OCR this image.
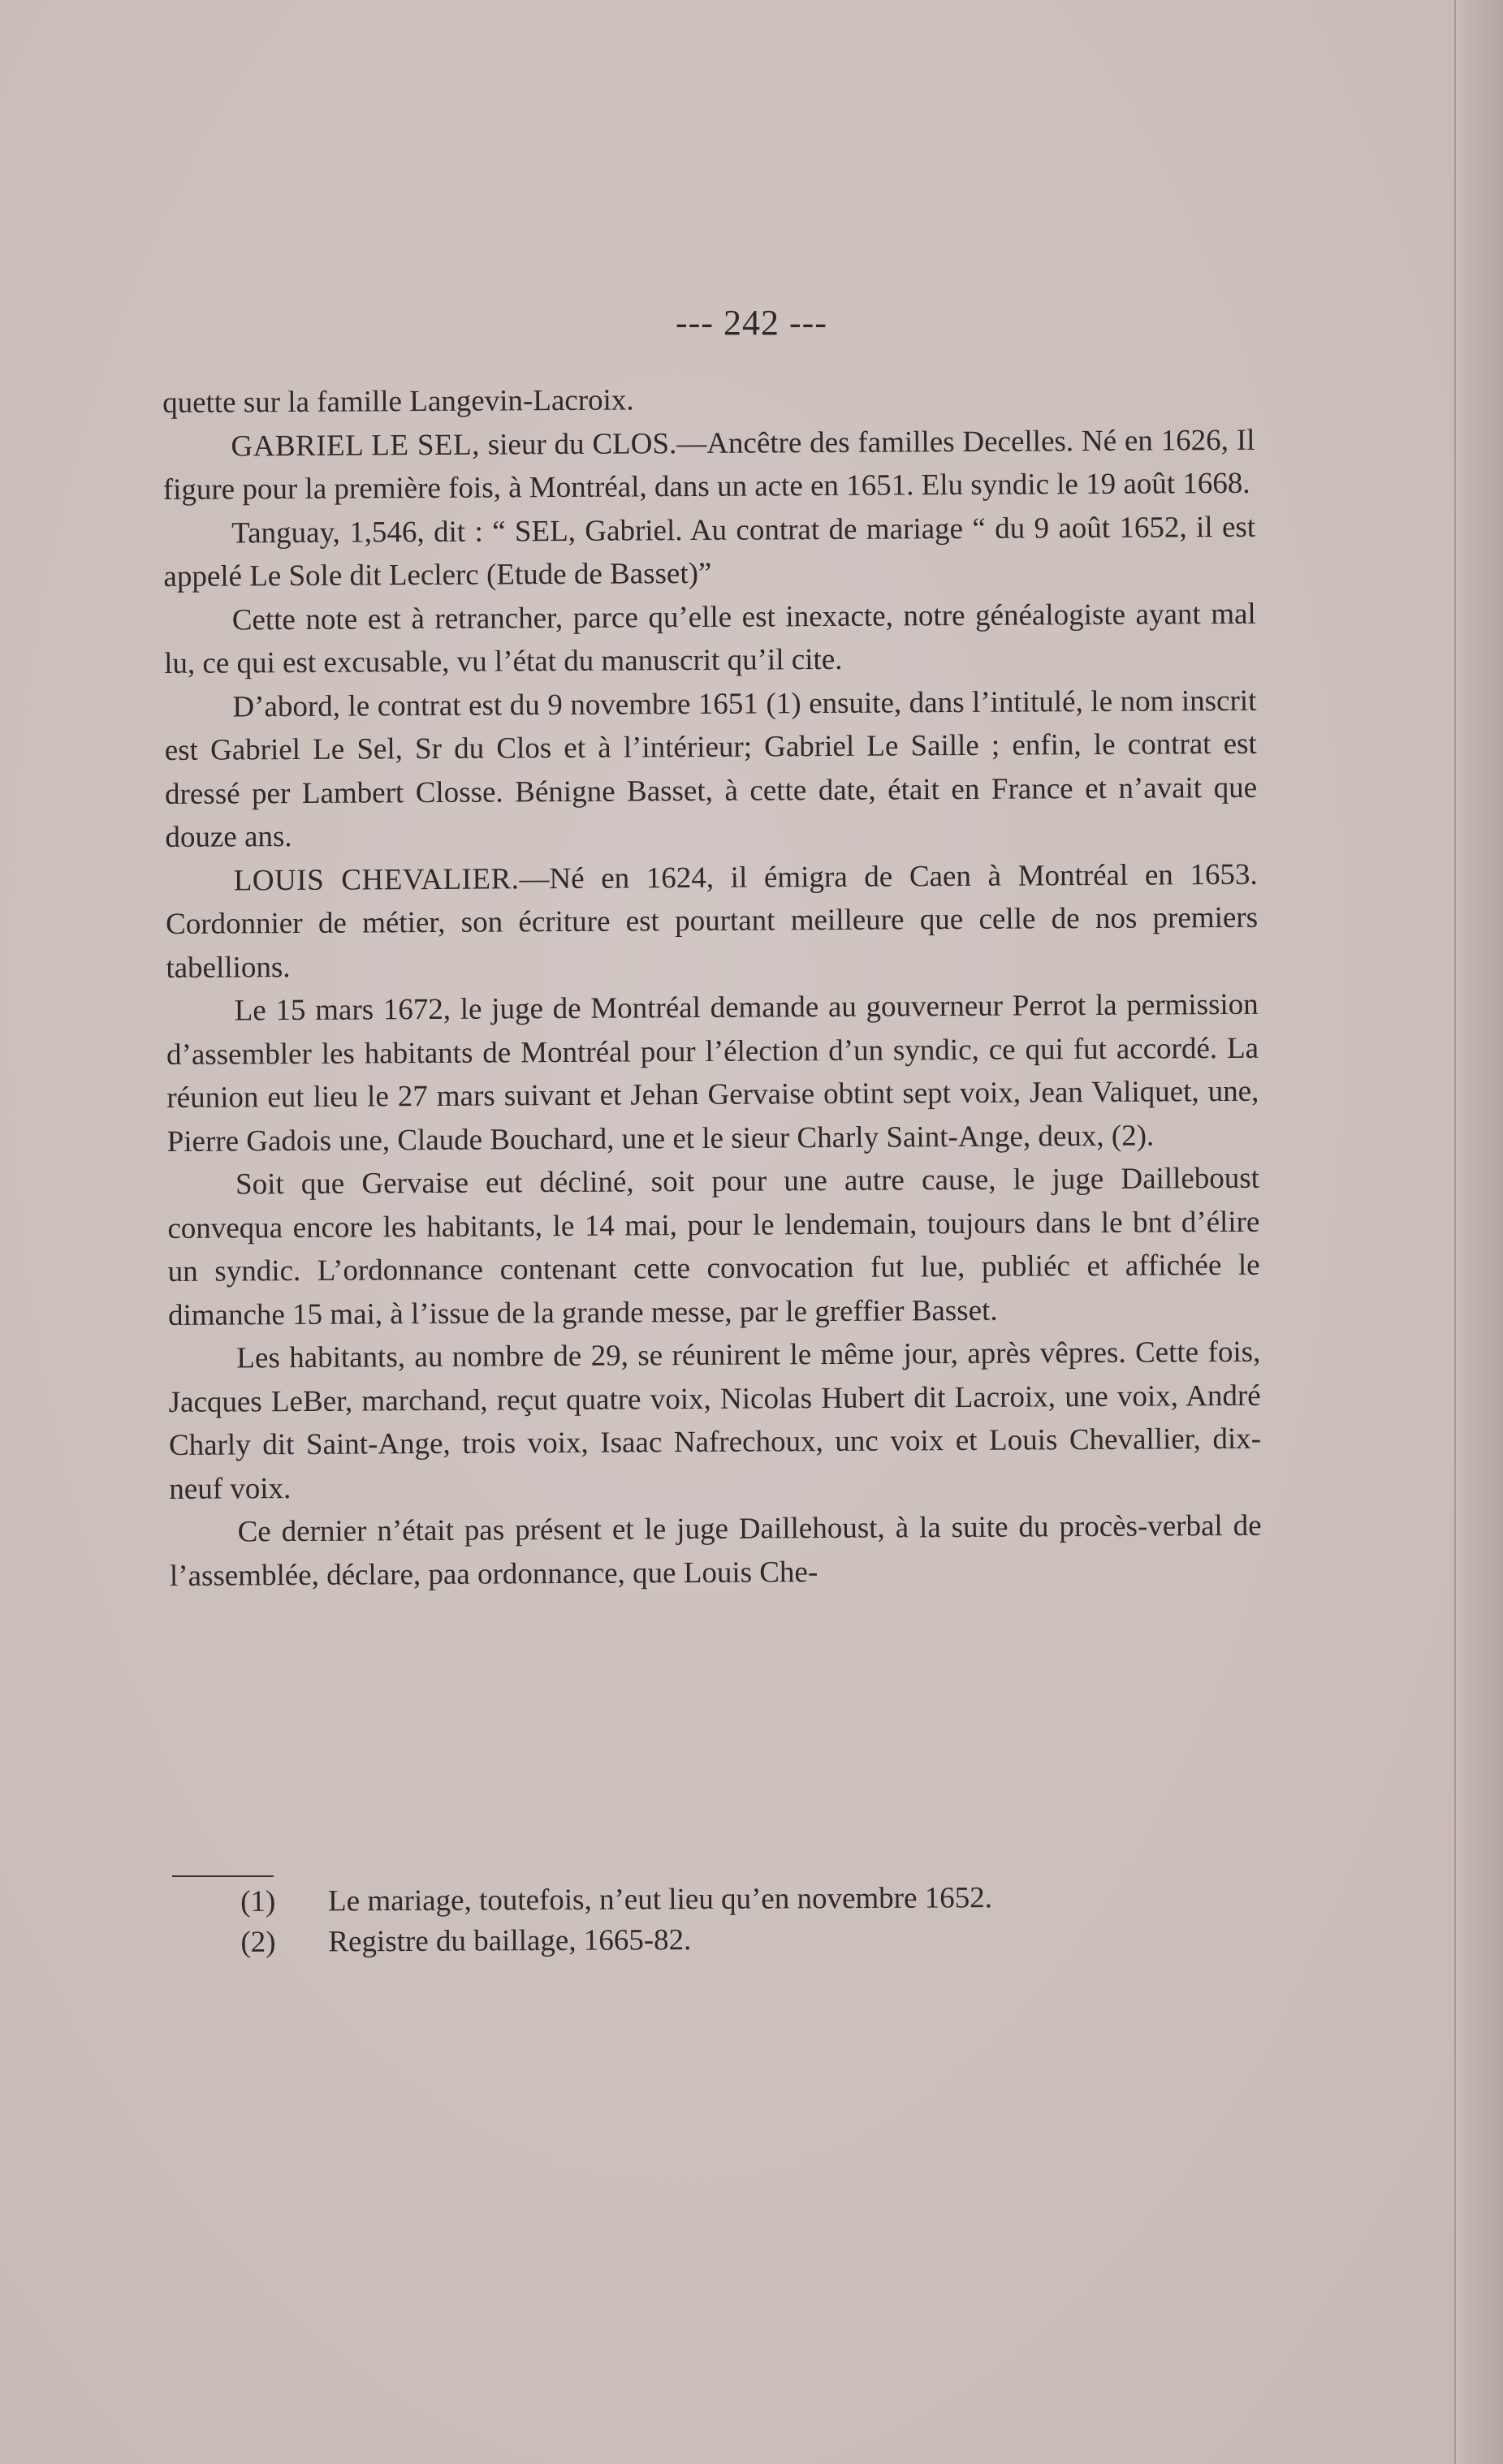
--- 242 ---

quette sur la famille Langevin-Lacroix.

GABRIEL LE SEL, sieur du CLOS.—Ancêtre des familles Decelles. Né en 1626, Il figure pour la première fois, à Montréal, dans un acte en 1651. Elu syndic le 19 août 1668.

Tanguay, 1,546, dit : “ SEL, Gabriel. Au contrat de mariage “ du 9 août 1652, il est appelé Le Sole dit Leclerc (Etude de Basset)”

Cette note est à retrancher, parce qu’elle est inexacte, notre généalogiste ayant mal lu, ce qui est excusable, vu l’état du manuscrit qu’il cite.

D’abord, le contrat est du 9 novembre 1651 (1) ensuite, dans l’intitulé, le nom inscrit est Gabriel Le Sel, Sr du Clos et à l’intérieur; Gabriel Le Saille ; enfin, le contrat est dressé per Lambert Closse. Bénigne Basset, à cette date, était en France et n’avait que douze ans.

LOUIS CHEVALIER.—Né en 1624, il émigra de Caen à Montréal en 1653. Cordonnier de métier, son écriture est pourtant meilleure que celle de nos premiers tabellions.

Le 15 mars 1672, le juge de Montréal demande au gouverneur Perrot la permission d’assembler les habitants de Montréal pour l’élection d’un syndic, ce qui fut accordé. La réunion eut lieu le 27 mars suivant et Jehan Gervaise obtint sept voix, Jean Valiquet, une, Pierre Gadois une, Claude Bouchard, une et le sieur Charly Saint-Ange, deux, (2).

Soit que Gervaise eut décliné, soit pour une autre cause, le juge Dailleboust convequa encore les habitants, le 14 mai, pour le lendemain, toujours dans le bnt d’élire un syndic. L’ordonnance contenant cette convocation fut lue, publiéc et affichée le dimanche 15 mai, à l’issue de la grande messe, par le greffier Basset.

Les habitants, au nombre de 29, se réunirent le même jour, après vêpres. Cette fois, Jacques LeBer, marchand, reçut quatre voix, Nicolas Hubert dit Lacroix, une voix, André Charly dit Saint-Ange, trois voix, Isaac Nafrechoux, unc voix et Louis Chevallier, dix-neuf voix.

Ce dernier n’était pas présent et le juge Daillehoust, à la suite du procès-verbal de l’assemblée, déclare, paa ordonnance, que Louis Che-

(1) Le mariage, toutefois, n’eut lieu qu’en novembre 1652.
(2) Registre du baillage, 1665-82.
